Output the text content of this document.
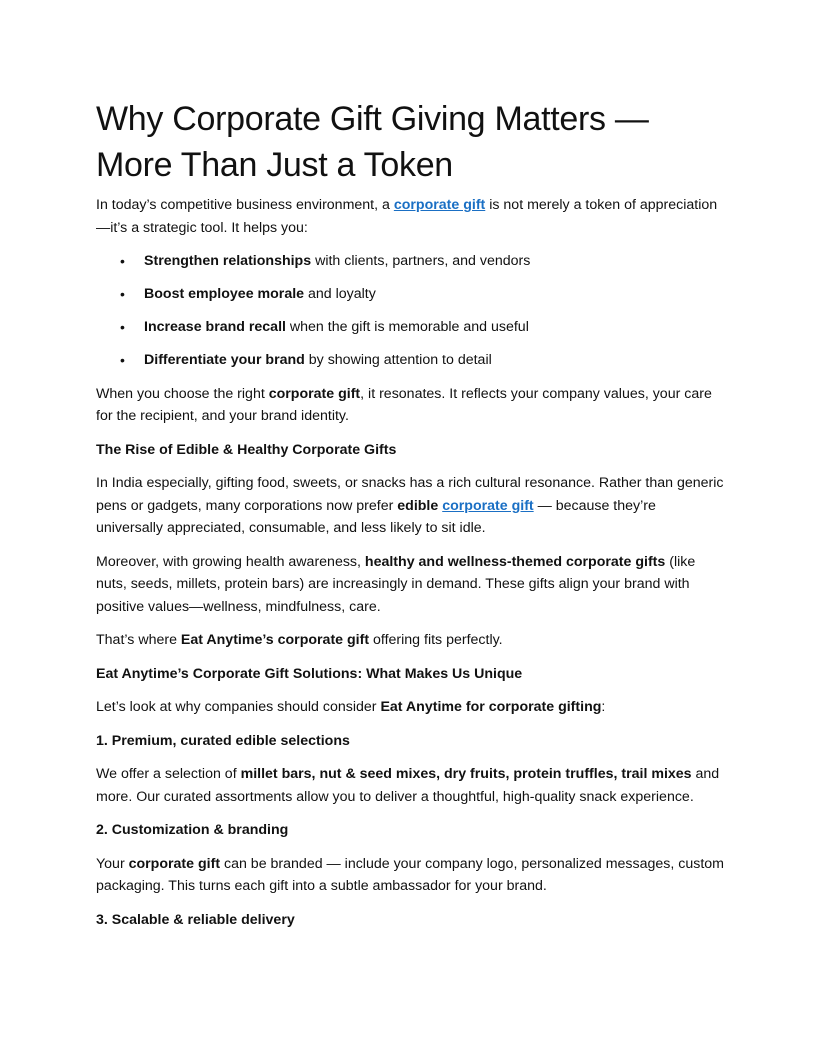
Why Corporate Gift Giving Matters — More Than Just a Token

In today’s competitive business environment, a corporate gift is not merely a token of appreciation—it’s a strategic tool. It helps you:

• Strengthen relationships with clients, partners, and vendors
• Boost employee morale and loyalty
• Increase brand recall when the gift is memorable and useful
• Differentiate your brand by showing attention to detail

When you choose the right corporate gift, it resonates. It reflects your company values, your care for the recipient, and your brand identity.

The Rise of Edible & Healthy Corporate Gifts

In India especially, gifting food, sweets, or snacks has a rich cultural resonance. Rather than generic pens or gadgets, many corporations now prefer edible corporate gift — because they’re universally appreciated, consumable, and less likely to sit idle.

Moreover, with growing health awareness, healthy and wellness-themed corporate gifts (like nuts, seeds, millets, protein bars) are increasingly in demand. These gifts align your brand with positive values—wellness, mindfulness, care.

That’s where Eat Anytime’s corporate gift offering fits perfectly.

Eat Anytime’s Corporate Gift Solutions: What Makes Us Unique

Let’s look at why companies should consider Eat Anytime for corporate gifting:

1. Premium, curated edible selections

We offer a selection of millet bars, nut & seed mixes, dry fruits, protein truffles, trail mixes and more. Our curated assortments allow you to deliver a thoughtful, high-quality snack experience.

2. Customization & branding

Your corporate gift can be branded — include your company logo, personalized messages, custom packaging. This turns each gift into a subtle ambassador for your brand.

3. Scalable & reliable delivery
